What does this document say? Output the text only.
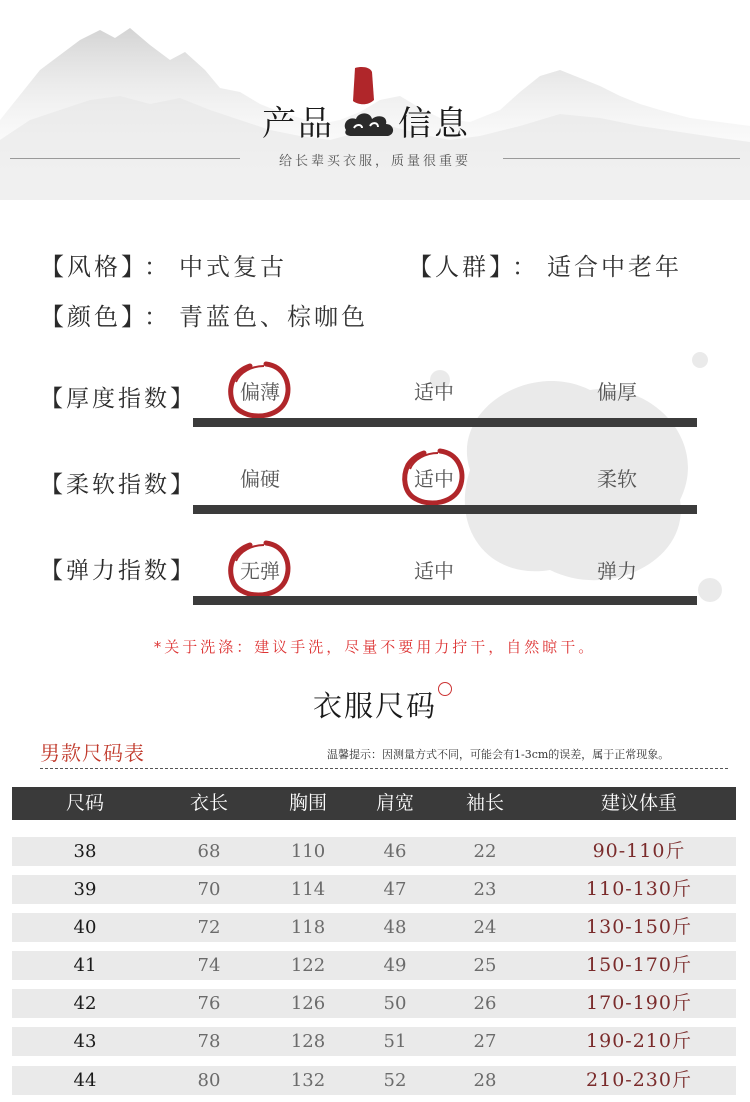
产品 信息
给长辈买衣服，质量很重要
【风格】 ： 中式复古	【人群】 ： 适合中老年
【颜色】 ： 青蓝色、棕咖色
【厚度指数】	偏薄	适中	偏厚
【柔软指数】	偏硬	适中	柔软
【弹力指数】	无弹	适中	弹力
*关于洗涤：建议手洗，尽量不要用力拧干，自然晾干。
衣服尺码
男款尺码表	温馨提示：因测量方式不同，可能会有1-3cm的误差，属于正常现象。
尺码	衣长	胸围	肩宽	袖长	建议体重
38	68	110	46	22	90-110斤
39	70	114	47	23	110-130斤
40	72	118	48	24	130-150斤
41	74	122	49	25	150-170斤
42	76	126	50	26	170-190斤
43	78	128	51	27	190-210斤
44	80	132	52	28	210-230斤
